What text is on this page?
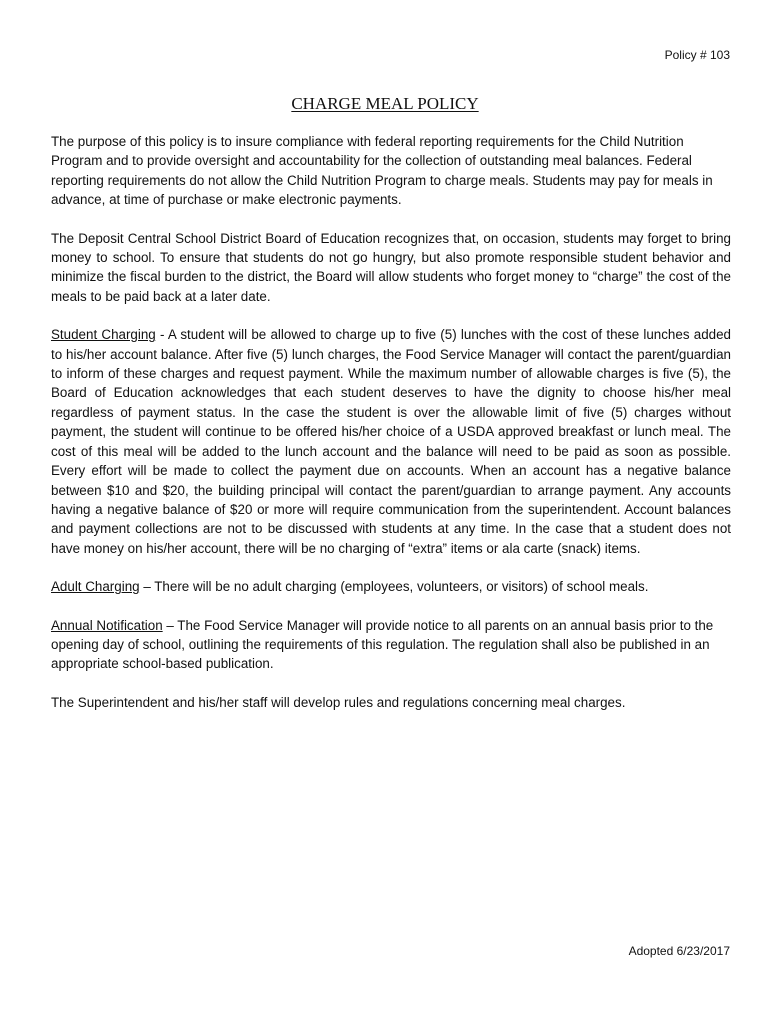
Policy # 103
CHARGE MEAL POLICY

The purpose of this policy is to insure compliance with federal reporting requirements for the Child Nutrition Program and to provide oversight and accountability for the collection of outstanding meal balances. Federal reporting requirements do not allow the Child Nutrition Program to charge meals. Students may pay for meals in advance, at time of purchase or make electronic payments.

The Deposit Central School District Board of Education recognizes that, on occasion, students may forget to bring money to school. To ensure that students do not go hungry, but also promote responsible student behavior and minimize the fiscal burden to the district, the Board will allow students who forget money to “charge” the cost of the meals to be paid back at a later date.

Student Charging - A student will be allowed to charge up to five (5) lunches with the cost of these lunches added to his/her account balance. After five (5) lunch charges, the Food Service Manager will contact the parent/guardian to inform of these charges and request payment. While the maximum number of allowable charges is five (5), the Board of Education acknowledges that each student deserves to have the dignity to choose his/her meal regardless of payment status. In the case the student is over the allowable limit of five (5) charges without payment, the student will continue to be offered his/her choice of a USDA approved breakfast or lunch meal. The cost of this meal will be added to the lunch account and the balance will need to be paid as soon as possible. Every effort will be made to collect the payment due on accounts. When an account has a negative balance between $10 and $20, the building principal will contact the parent/guardian to arrange payment. Any accounts having a negative balance of $20 or more will require communication from the superintendent. Account balances and payment collections are not to be discussed with students at any time. In the case that a student does not have money on his/her account, there will be no charging of “extra” items or ala carte (snack) items.

Adult Charging – There will be no adult charging (employees, volunteers, or visitors) of school meals.

Annual Notification – The Food Service Manager will provide notice to all parents on an annual basis prior to the opening day of school, outlining the requirements of this regulation. The regulation shall also be published in an appropriate school-based publication.

The Superintendent and his/her staff will develop rules and regulations concerning meal charges.

Adopted 6/23/2017
